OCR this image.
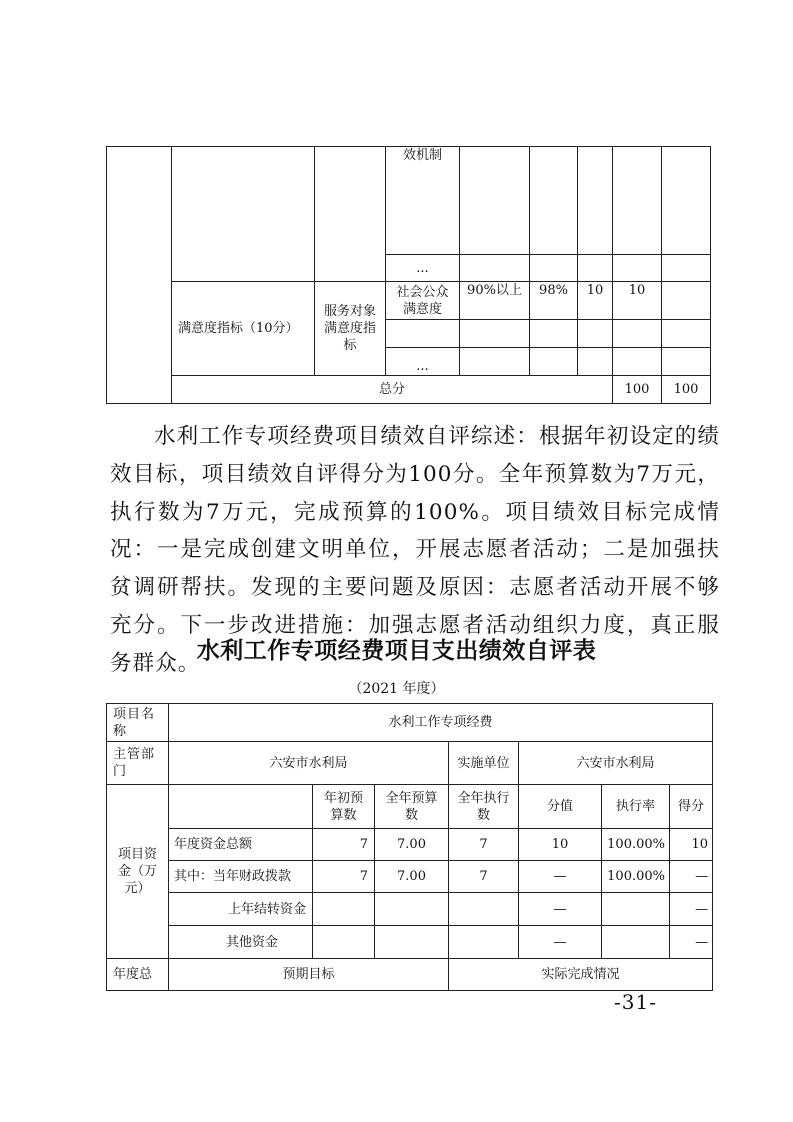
			效机制						
			...						
	满意度指标（10分）	服务对象满意度指标	社会公众满意度	90%以上	98%	10	10		

			...						
	总分						100	100	
水利工作专项经费项目绩效自评综述：根据年初设定的绩效目标，项目绩效自评得分为100分。全年预算数为7万元，执行数为7万元，完成预算的100%。项目绩效目标完成情况：一是完成创建文明单位，开展志愿者活动；二是加强扶贫调研帮扶。发现的主要问题及原因：志愿者活动开展不够充分。下一步改进措施：加强志愿者活动组织力度，真正服务群众。
水利工作专项经费项目支出绩效自评表
（2021 年度）
项目名称	水利工作专项经费						
主管部门	六安市水利局			实施单位	六安市水利局		
项目资金（万元）		年初预算数	全年预算数	全年执行数	分值	执行率	得分
	年度资金总额	7	7.00	7	10	100.00%	10
	其中：当年财政拨款	7	7.00	7	—	100.00%	—
	上年结转资金				—		—
	其他资金				—		—
年度总	预期目标			实际完成情况			
-31-
